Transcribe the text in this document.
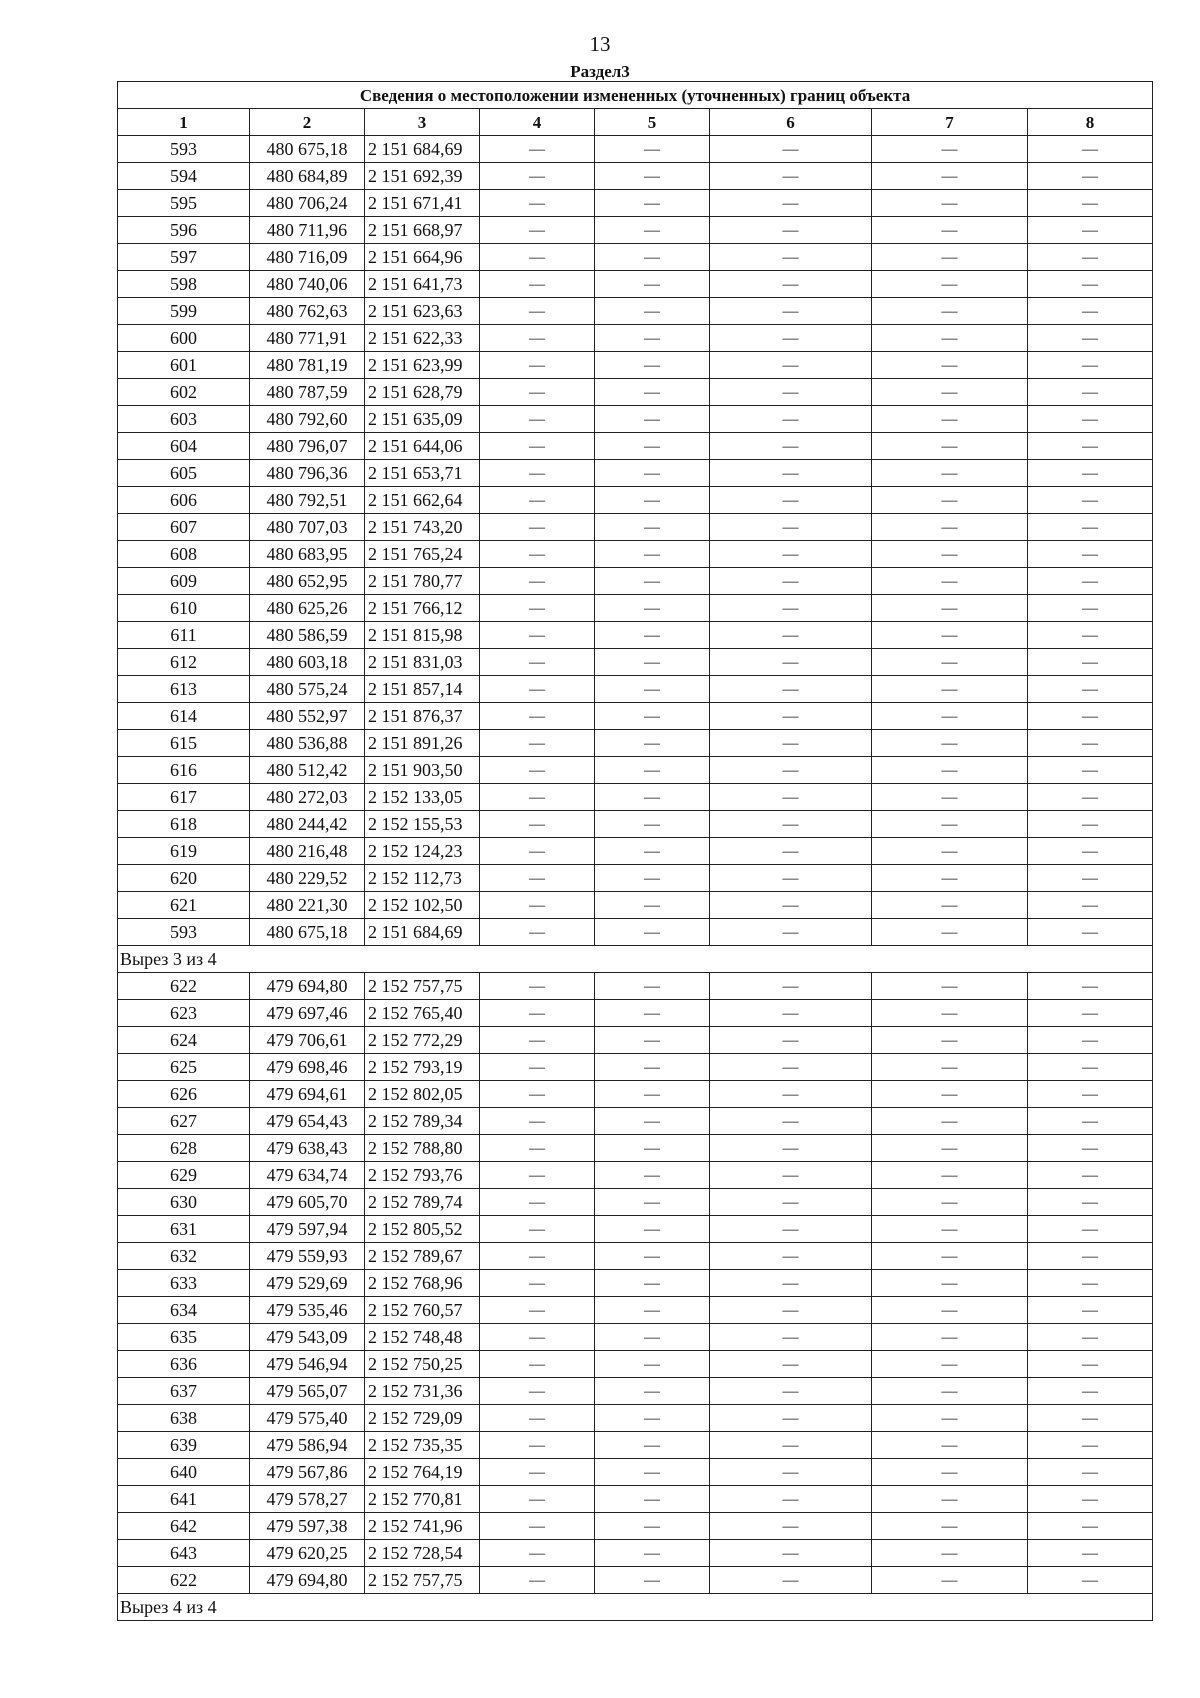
13
Раздел3
Сведения о местоположении измененных (уточненных) границ объекта							
1	2	3	4	5	6	7	8
593	480 675,18	2 151 684,69	—	—	—	—	—
594	480 684,89	2 151 692,39	—	—	—	—	—
595	480 706,24	2 151 671,41	—	—	—	—	—
596	480 711,96	2 151 668,97	—	—	—	—	—
597	480 716,09	2 151 664,96	—	—	—	—	—
598	480 740,06	2 151 641,73	—	—	—	—	—
599	480 762,63	2 151 623,63	—	—	—	—	—
600	480 771,91	2 151 622,33	—	—	—	—	—
601	480 781,19	2 151 623,99	—	—	—	—	—
602	480 787,59	2 151 628,79	—	—	—	—	—
603	480 792,60	2 151 635,09	—	—	—	—	—
604	480 796,07	2 151 644,06	—	—	—	—	—
605	480 796,36	2 151 653,71	—	—	—	—	—
606	480 792,51	2 151 662,64	—	—	—	—	—
607	480 707,03	2 151 743,20	—	—	—	—	—
608	480 683,95	2 151 765,24	—	—	—	—	—
609	480 652,95	2 151 780,77	—	—	—	—	—
610	480 625,26	2 151 766,12	—	—	—	—	—
611	480 586,59	2 151 815,98	—	—	—	—	—
612	480 603,18	2 151 831,03	—	—	—	—	—
613	480 575,24	2 151 857,14	—	—	—	—	—
614	480 552,97	2 151 876,37	—	—	—	—	—
615	480 536,88	2 151 891,26	—	—	—	—	—
616	480 512,42	2 151 903,50	—	—	—	—	—
617	480 272,03	2 152 133,05	—	—	—	—	—
618	480 244,42	2 152 155,53	—	—	—	—	—
619	480 216,48	2 152 124,23	—	—	—	—	—
620	480 229,52	2 152 112,73	—	—	—	—	—
621	480 221,30	2 152 102,50	—	—	—	—	—
593	480 675,18	2 151 684,69	—	—	—	—	—
Вырез 3 из 4							
622	479 694,80	2 152 757,75	—	—	—	—	—
623	479 697,46	2 152 765,40	—	—	—	—	—
624	479 706,61	2 152 772,29	—	—	—	—	—
625	479 698,46	2 152 793,19	—	—	—	—	—
626	479 694,61	2 152 802,05	—	—	—	—	—
627	479 654,43	2 152 789,34	—	—	—	—	—
628	479 638,43	2 152 788,80	—	—	—	—	—
629	479 634,74	2 152 793,76	—	—	—	—	—
630	479 605,70	2 152 789,74	—	—	—	—	—
631	479 597,94	2 152 805,52	—	—	—	—	—
632	479 559,93	2 152 789,67	—	—	—	—	—
633	479 529,69	2 152 768,96	—	—	—	—	—
634	479 535,46	2 152 760,57	—	—	—	—	—
635	479 543,09	2 152 748,48	—	—	—	—	—
636	479 546,94	2 152 750,25	—	—	—	—	—
637	479 565,07	2 152 731,36	—	—	—	—	—
638	479 575,40	2 152 729,09	—	—	—	—	—
639	479 586,94	2 152 735,35	—	—	—	—	—
640	479 567,86	2 152 764,19	—	—	—	—	—
641	479 578,27	2 152 770,81	—	—	—	—	—
642	479 597,38	2 152 741,96	—	—	—	—	—
643	479 620,25	2 152 728,54	—	—	—	—	—
622	479 694,80	2 152 757,75	—	—	—	—	—
Вырез 4 из 4							
